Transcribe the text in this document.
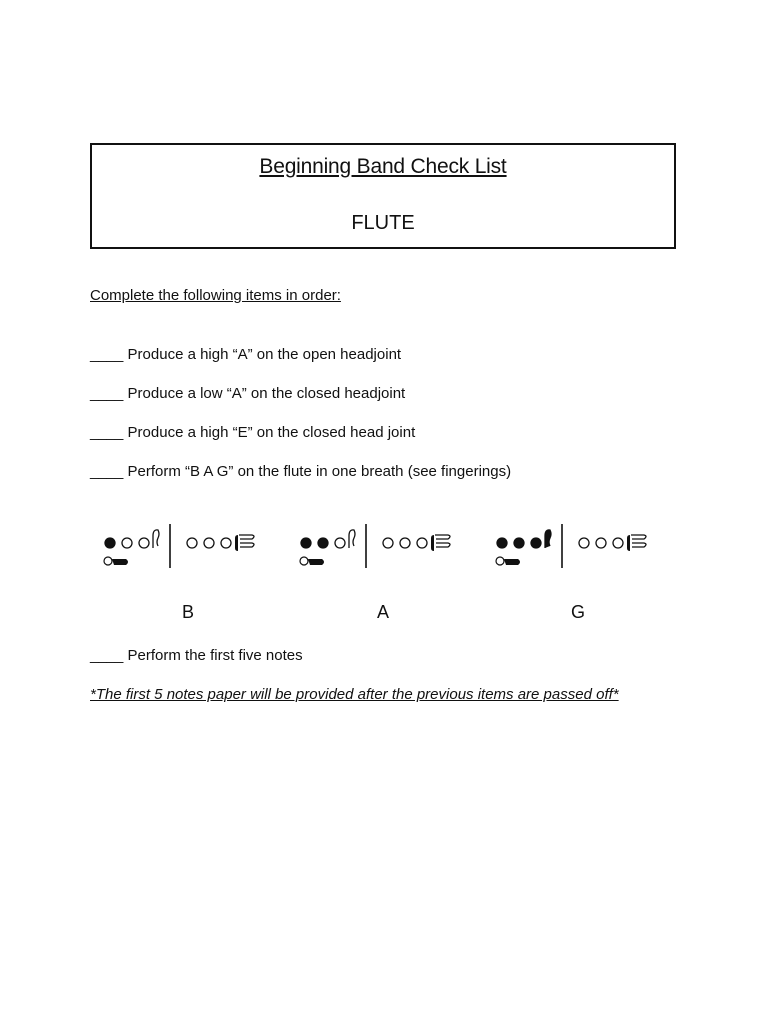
Beginning Band Check List
FLUTE
Complete the following items in order:
____ Produce a high “A” on the open headjoint
____ Produce a low “A” on the closed headjoint
____ Produce a high “E” on the closed head joint
____ Perform “B A G” on the flute in one breath (see fingerings)
B	A	G
____ Perform the first five notes
*The first 5 notes paper will be provided after the previous items are passed off*
